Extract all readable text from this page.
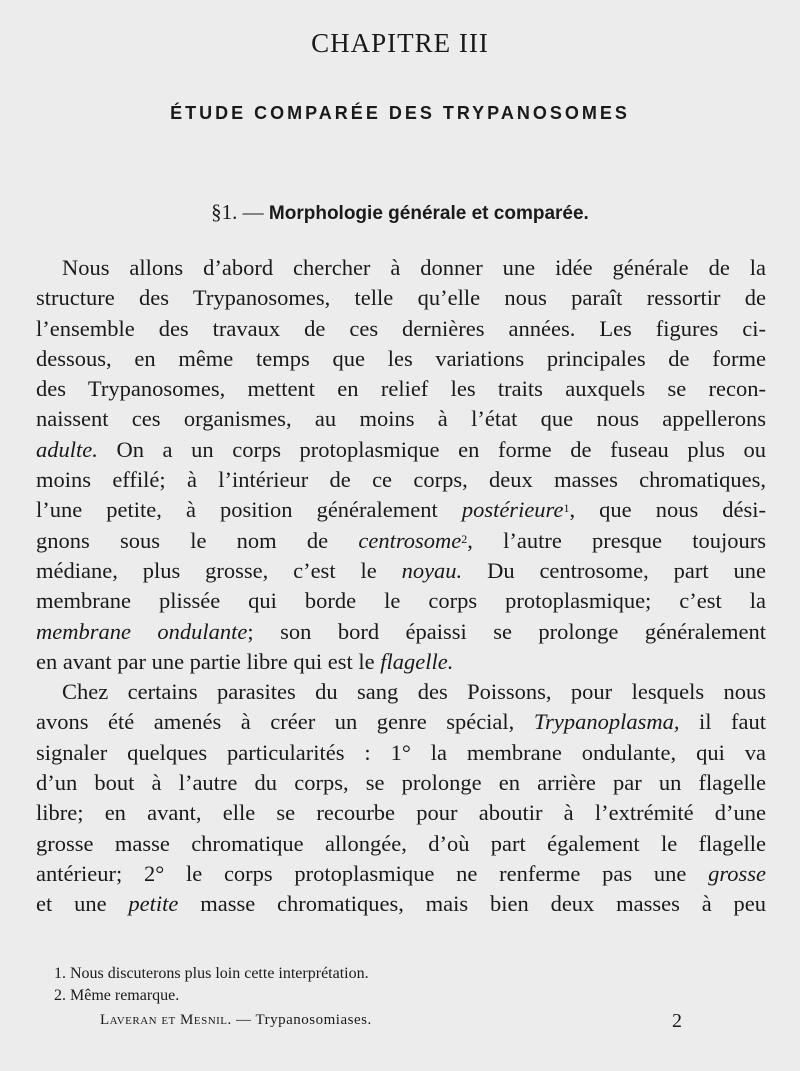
CHAPITRE III
ÉTUDE COMPARÉE DES TRYPANOSOMES

§1. — Morphologie générale et comparée.

Nous allons d’abord chercher à donner une idée générale de la
structure des Trypanosomes, telle qu’elle nous paraît ressortir de
l’ensemble des travaux de ces dernières années. Les figures ci-
dessous, en même temps que les variations principales de forme
des Trypanosomes, mettent en relief les traits auxquels se recon-
naissent ces organismes, au moins à l’état que nous appellerons
adulte. On a un corps protoplasmique en forme de fuseau plus ou
moins effilé; à l’intérieur de ce corps, deux masses chromatiques,
l’une petite, à position généralement postérieure$^1$, que nous dési-
gnons sous le nom de centrosome$^2$, l’autre presque toujours
médiane, plus grosse, c’est le noyau. Du centrosome, part une
membrane plissée qui borde le corps protoplasmique; c’est la
membrane ondulante; son bord épaissi se prolonge généralement
en avant par une partie libre qui est le flagelle.
Chez certains parasites du sang des Poissons, pour lesquels nous
avons été amenés à créer un genre spécial, Trypanoplasma, il faut
signaler quelques particularités : 1° la membrane ondulante, qui va
d’un bout à l’autre du corps, se prolonge en arrière par un flagelle
libre; en avant, elle se recourbe pour aboutir à l’extrémité d’une
grosse masse chromatique allongée, d’où part également le flagelle
antérieur; 2° le corps protoplasmique ne renferme pas une grosse
et une petite masse chromatiques, mais bien deux masses à peu
1. Nous discuterons plus loin cette interprétation.
2. Même remarque.
Laveran et Mesnil. — Trypanosomiases.	2
